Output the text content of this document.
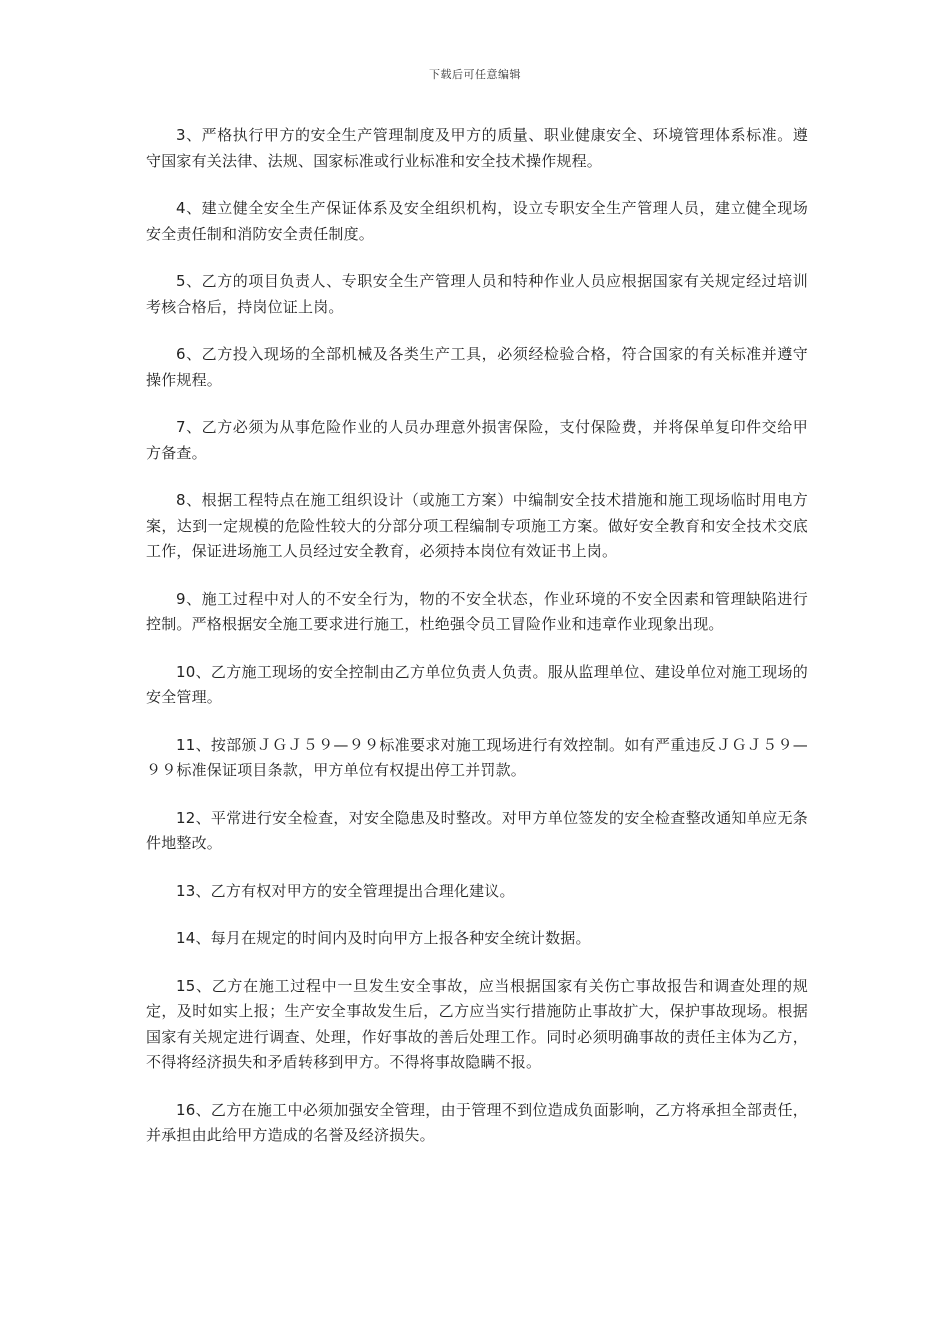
下载后可任意编辑

3、严格执行甲方的安全生产管理制度及甲方的质量、职业健康安全、环境管理体系标准。遵守国家有关法律、法规、国家标准或行业标准和安全技术操作规程。

4、建立健全安全生产保证体系及安全组织机构，设立专职安全生产管理人员，建立健全现场安全责任制和消防安全责任制度。

5、乙方的项目负责人、专职安全生产管理人员和特种作业人员应根据国家有关规定经过培训考核合格后，持岗位证上岗。

6、乙方投入现场的全部机械及各类生产工具，必须经检验合格，符合国家的有关标准并遵守操作规程。

7、乙方必须为从事危险作业的人员办理意外损害保险，支付保险费，并将保单复印件交给甲方备查。

8、根据工程特点在施工组织设计（或施工方案）中编制安全技术措施和施工现场临时用电方案，达到一定规模的危险性较大的分部分项工程编制专项施工方案。做好安全教育和安全技术交底工作，保证进场施工人员经过安全教育，必须持本岗位有效证书上岗。

9、施工过程中对人的不安全行为，物的不安全状态，作业环境的不安全因素和管理缺陷进行控制。严格根据安全施工要求进行施工，杜绝强令员工冒险作业和违章作业现象出现。

10、乙方施工现场的安全控制由乙方单位负责人负责。服从监理单位、建设单位对施工现场的安全管理。

11、按部颁ＪＧＪ５９—９９标准要求对施工现场进行有效控制。如有严重违反ＪＧＪ５９—９９标准保证项目条款，甲方单位有权提出停工并罚款。

12、平常进行安全检查，对安全隐患及时整改。对甲方单位签发的安全检查整改通知单应无条件地整改。

13、乙方有权对甲方的安全管理提出合理化建议。

14、每月在规定的时间内及时向甲方上报各种安全统计数据。

15、乙方在施工过程中一旦发生安全事故，应当根据国家有关伤亡事故报告和调查处理的规定，及时如实上报；生产安全事故发生后，乙方应当实行措施防止事故扩大，保护事故现场。根据国家有关规定进行调查、处理，作好事故的善后处理工作。同时必须明确事故的责任主体为乙方，不得将经济损失和矛盾转移到甲方。不得将事故隐瞒不报。

16、乙方在施工中必须加强安全管理，由于管理不到位造成负面影响，乙方将承担全部责任，并承担由此给甲方造成的名誉及经济损失。
